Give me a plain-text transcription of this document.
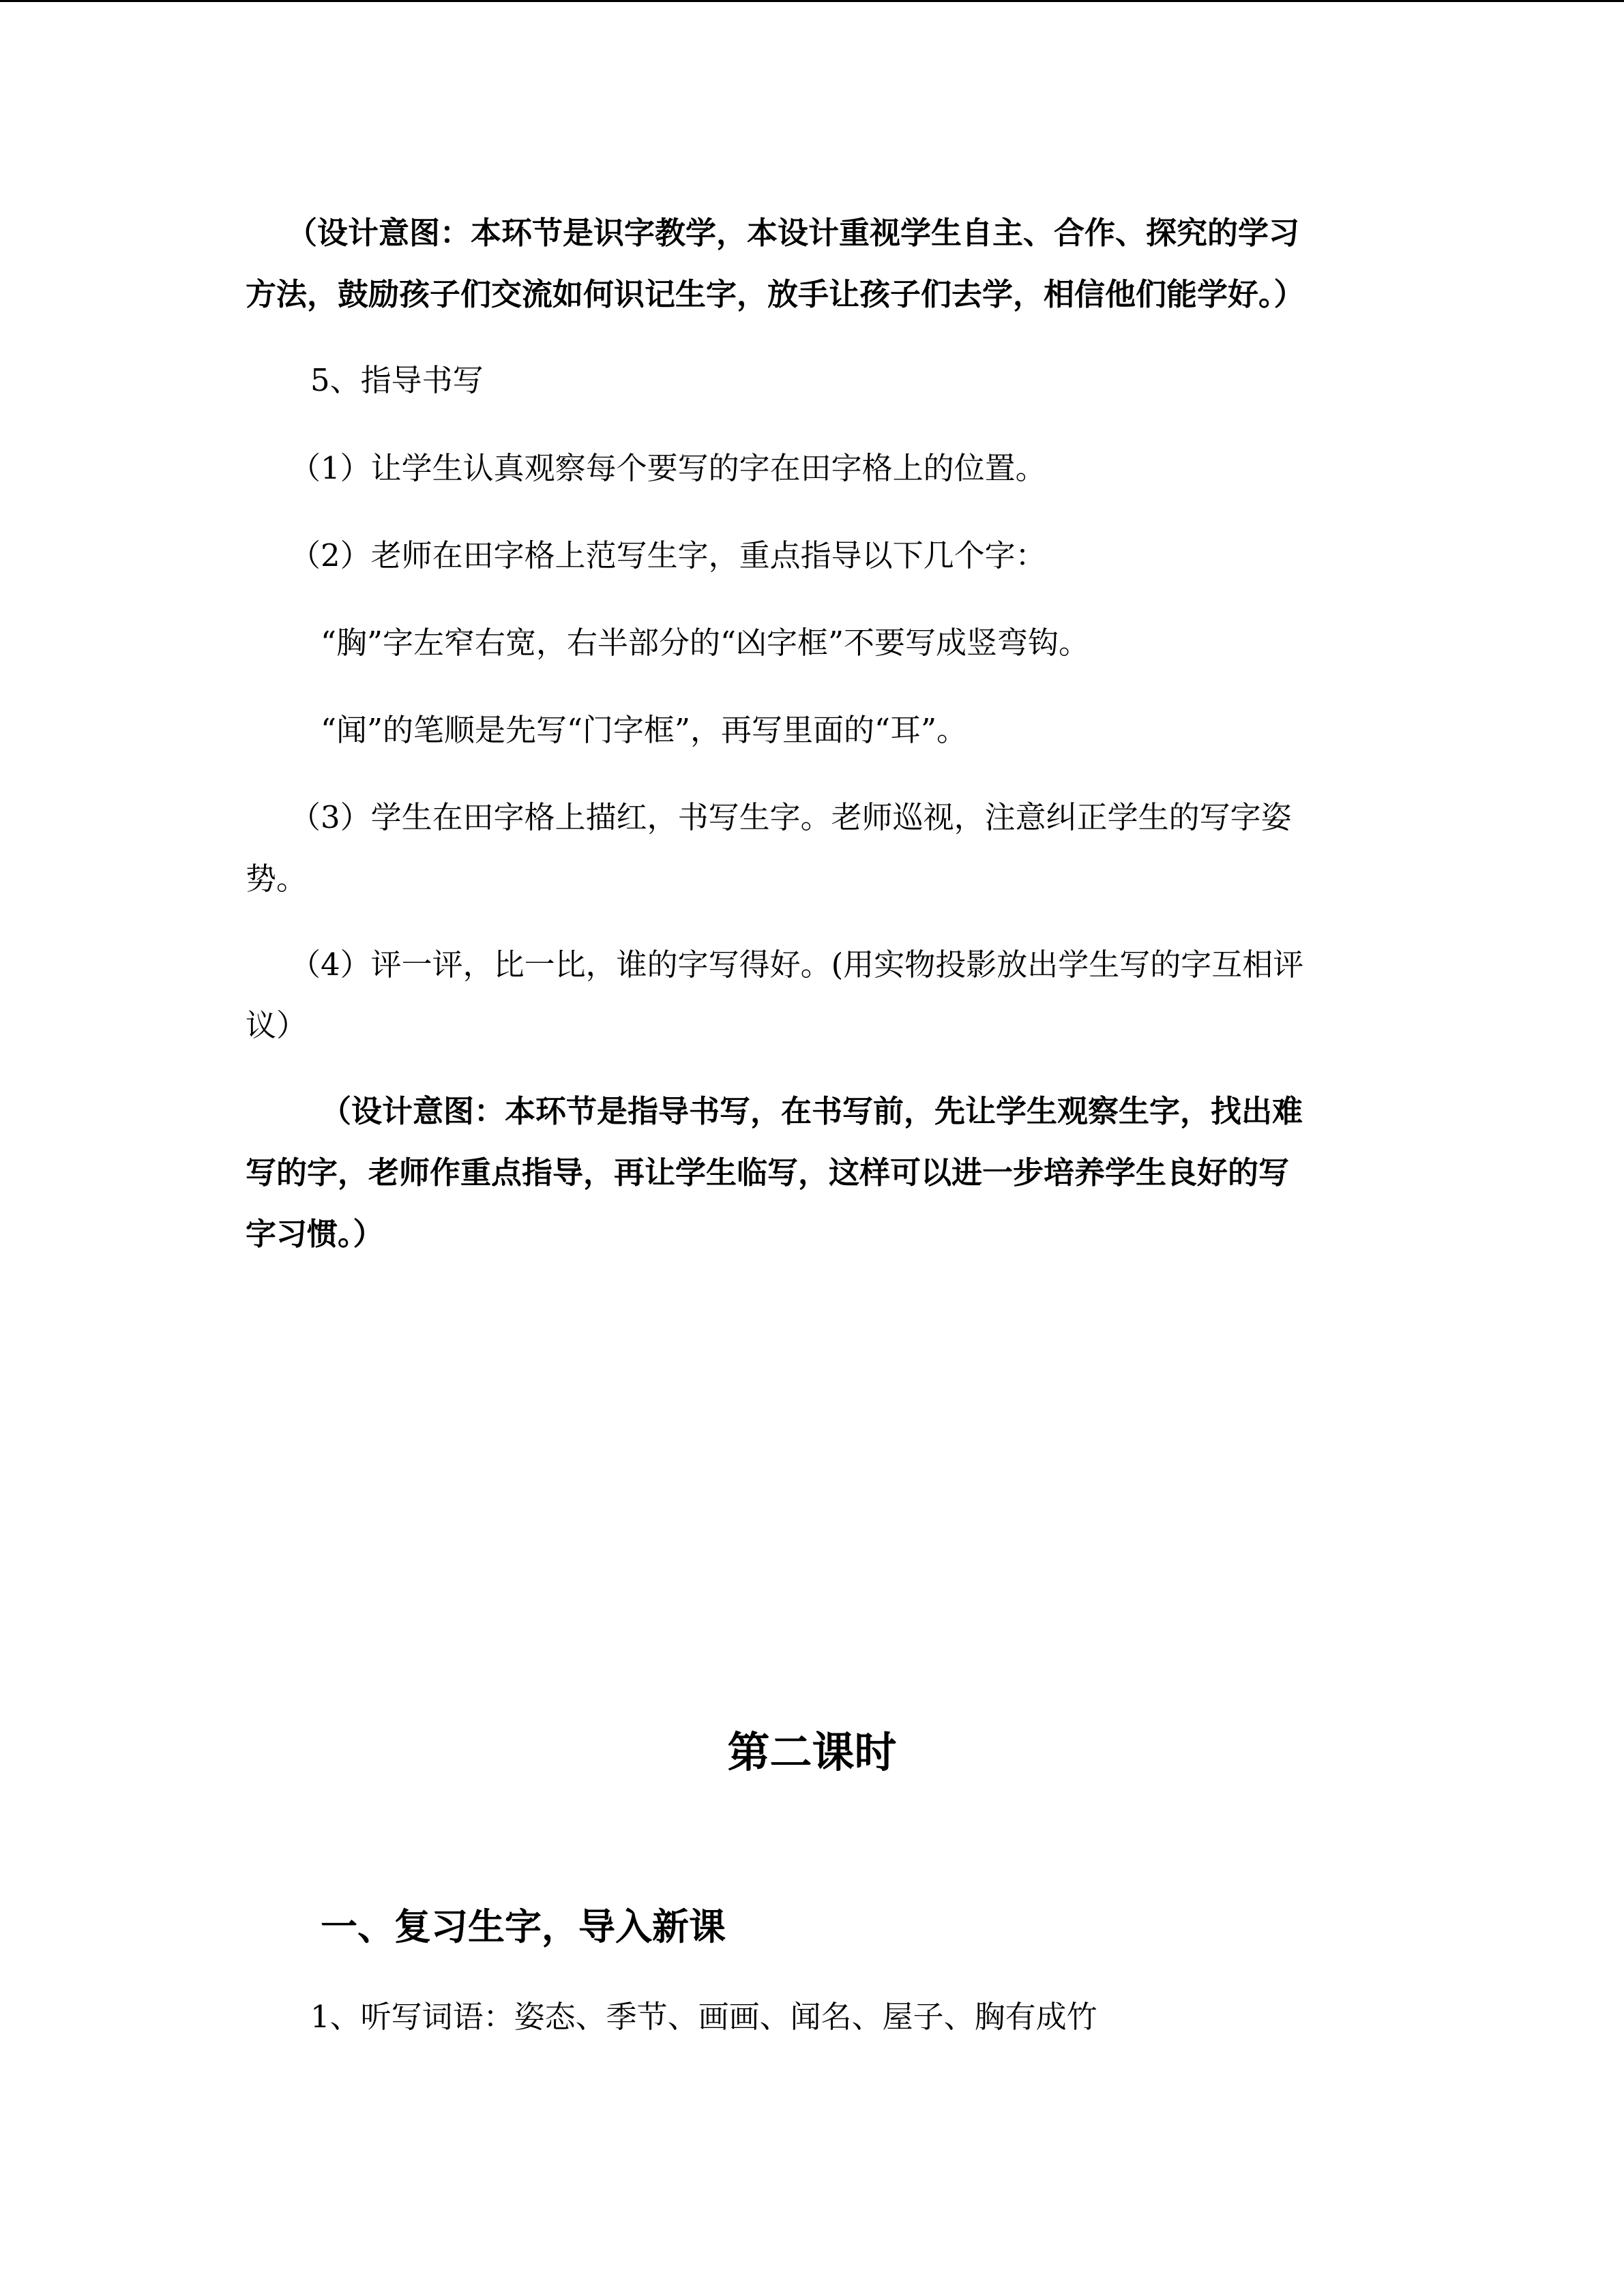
（设计意图：本环节是识字教学，本设计重视学生自主、合作、探究的学习
方法，鼓励孩子们交流如何识记生字，放手让孩子们去学，相信他们能学好。）
5、指导书写
（1）让学生认真观察每个要写的字在田字格上的位置。
（2）老师在田字格上范写生字，重点指导以下几个字：
“胸”字左窄右宽，右半部分的“凶字框”不要写成竖弯钩。
“闻”的笔顺是先写“门字框”，再写里面的“耳”。
（3）学生在田字格上描红，书写生字。老师巡视，注意纠正学生的写字姿
势。
（4）评一评，比一比，谁的字写得好。(用实物投影放出学生写的字互相评
议）
（设计意图：本环节是指导书写，在书写前，先让学生观察生字，找出难
写的字，老师作重点指导，再让学生临写，这样可以进一步培养学生良好的写
字习惯。）
第二课时
一、复习生字，导入新课
1、听写词语：姿态、季节、画画、闻名、屋子、胸有成竹
